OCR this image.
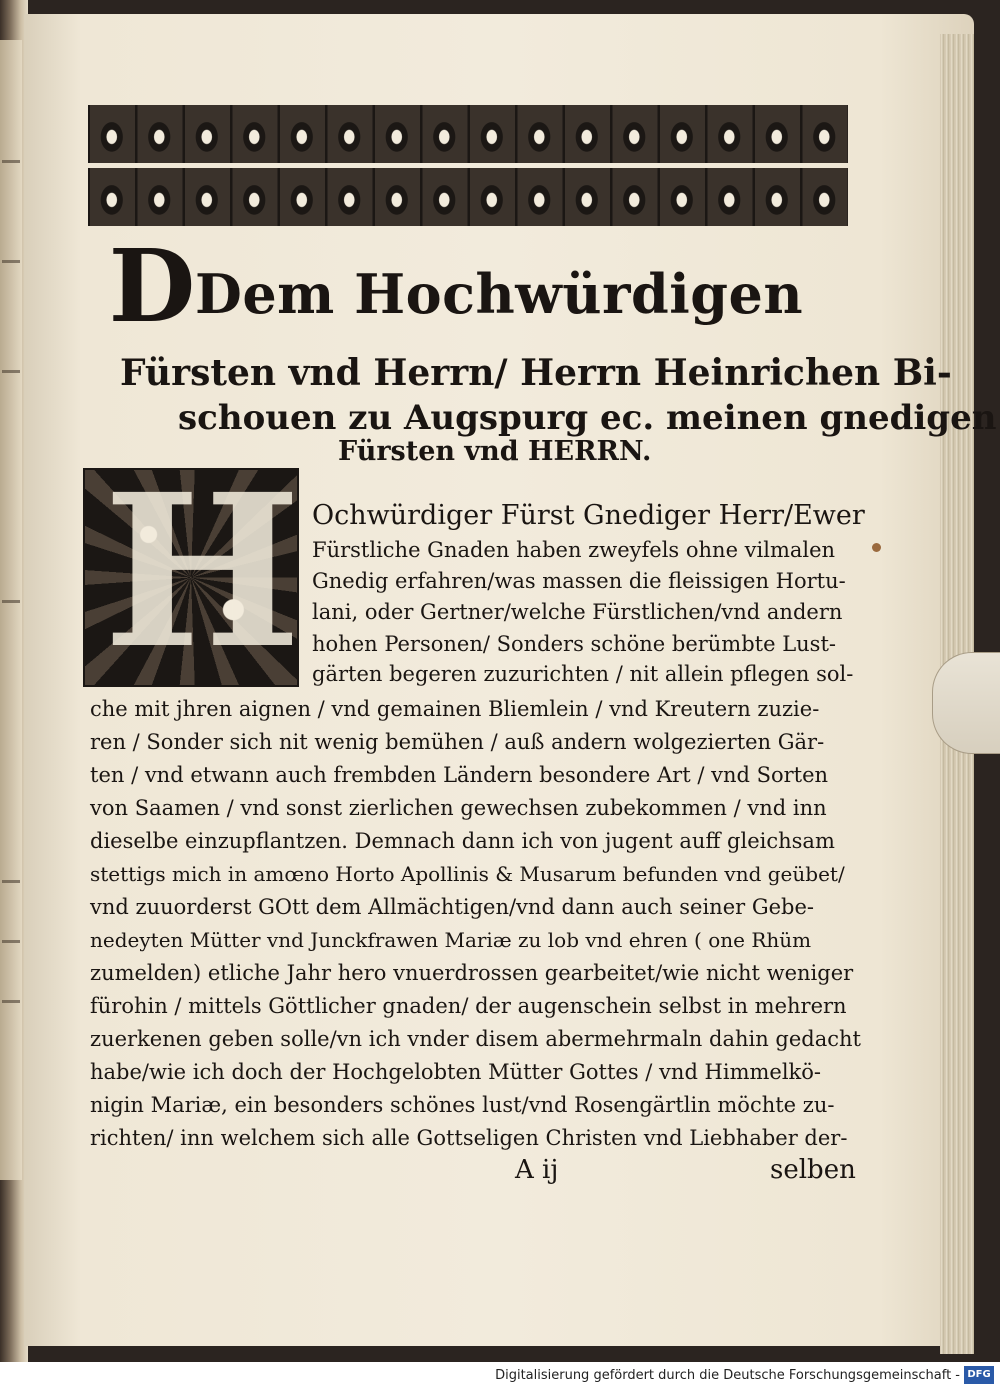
D Dem Hochwürdigen
Fürsten vnd Herrn/ Herrn Heinrichen Bi-
schouen zu Augspurg ec. meinen gnedigen
Fürsten vnd HERRN.
H Ochwürdiger Fürst Gnediger Herr/Ewer
Fürstliche Gnaden haben zweyfels ohne vilmalen
Gnedig erfahren/was massen die fleissigen Hortu-
lani, oder Gertner/welche Fürstlichen/vnd andern
hohen Personen/ Sonders schöne berümbte Lust-
gärten begeren zuzurichten / nit allein pflegen sol-
che mit jhren aignen / vnd gemainen Bliemlein / vnd Kreutern zuzie-
ren / Sonder sich nit wenig bemühen / auß andern wolgezierten Gär-
ten / vnd etwann auch frembden Ländern besondere Art / vnd Sorten
von Saamen / vnd sonst zierlichen gewechsen zubekommen / vnd inn
dieselbe einzupflantzen. Demnach dann ich von jugent auff gleichsam
stettigs mich in amœno Horto Apollinis & Musarum befunden vnd geübet/
vnd zuuorderst GOtt dem Allmächtigen/vnd dann auch seiner Gebe-
nedeyten Mütter vnd Junckfrawen Mariæ zu lob vnd ehren ( one Rhüm
zumelden) etliche Jahr hero vnuerdrossen gearbeitet/wie nicht weniger
fürohin / mittels Göttlicher gnaden/ der augenschein selbst in mehrern
zuerkenen geben solle/vn ich vnder disem abermehrmaln dahin gedacht
habe/wie ich doch der Hochgelobten Mütter Gottes / vnd Himmelkö-
nigin Mariæ, ein besonders schönes lust/vnd Rosengärtlin möchte zu-
richten/ inn welchem sich alle Gottseligen Christen vnd Liebhaber der-
A ij	selben
Digitalisierung gefördert durch die Deutsche Forschungsgemeinschaft - DFG
